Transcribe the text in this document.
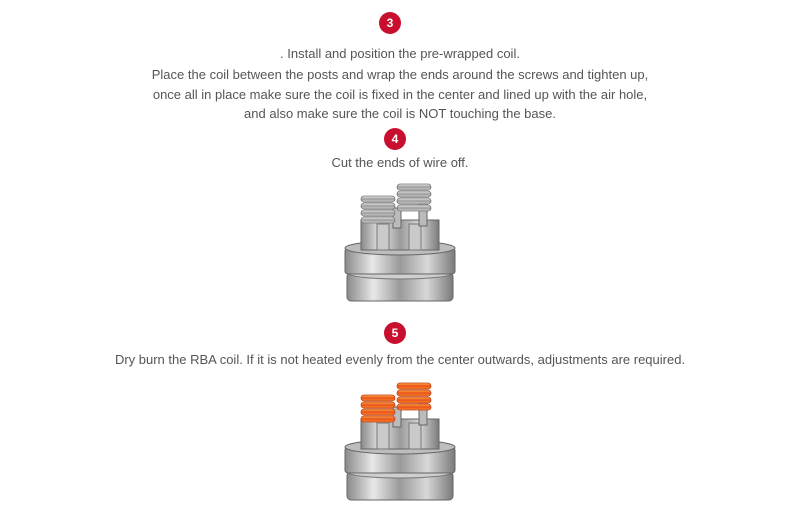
3
. Install and position the pre-wrapped coil.
Place the coil between the posts and wrap the ends around the screws and tighten up,
once all in place make sure the coil is fixed in the center and lined up with the air hole,
and also make sure the coil is NOT touching the base.
4
Cut the ends of wire off.
5
Dry burn the RBA coil. If it is not heated evenly from the center outwards, adjustments are required.
